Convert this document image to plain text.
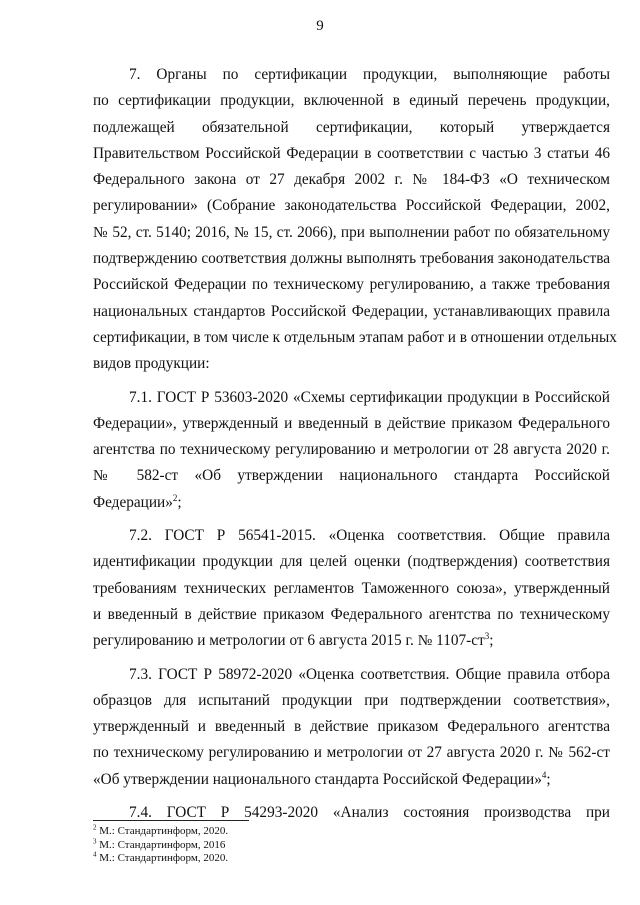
9
7. Органы по сертификации продукции, выполняющие работы
по сертификации продукции, включенной в единый перечень продукции,
подлежащей обязательной сертификации, который утверждается
Правительством Российской Федерации в соответствии с частью 3 статьи 46
Федерального закона от 27 декабря 2002 г. № 184-ФЗ «О техническом
регулировании» (Собрание законодательства Российской Федерации, 2002,
№ 52, ст. 5140; 2016, № 15, ст. 2066), при выполнении работ по обязательному
подтверждению соответствия должны выполнять требования законодательства
Российской Федерации по техническому регулированию, а также требования
национальных стандартов Российской Федерации, устанавливающих правила
сертификации, в том числе к отдельным этапам работ и в отношении отдельных
видов продукции:
7.1. ГОСТ Р 53603-2020 «Схемы сертификации продукции в Российской
Федерации», утвержденный и введенный в действие приказом Федерального
агентства по техническому регулированию и метрологии от 28 августа 2020 г.
№ 582-ст «Об утверждении национального стандарта Российской
Федерации»$^2$;
7.2. ГОСТ Р 56541-2015. «Оценка соответствия. Общие правила
идентификации продукции для целей оценки (подтверждения) соответствия
требованиям технических регламентов Таможенного союза», утвержденный
и введенный в действие приказом Федерального агентства по техническому
регулированию и метрологии от 6 августа 2015 г. № $1107-ст^3$;
7.3. ГОСТ Р 58972-2020 «Оценка соответствия. Общие правила отбора
образцов для испытаний продукции при подтверждении соответствия»,
утвержденный и введенный в действие приказом Федерального агентства
по техническому регулированию и метрологии от 27 августа 2020 г. № 562-ст
«Об утверждении национального стандарта Российской Федерации»$^4$;
7.4. ГОСТ Р 54293-2020 «Анализ состояния производства при
$^2$ М.: Стандартинформ, 2020.
$^3$ М.: Стандартинформ, 2016
$^4$ М.: Стандартинформ, 2020.
